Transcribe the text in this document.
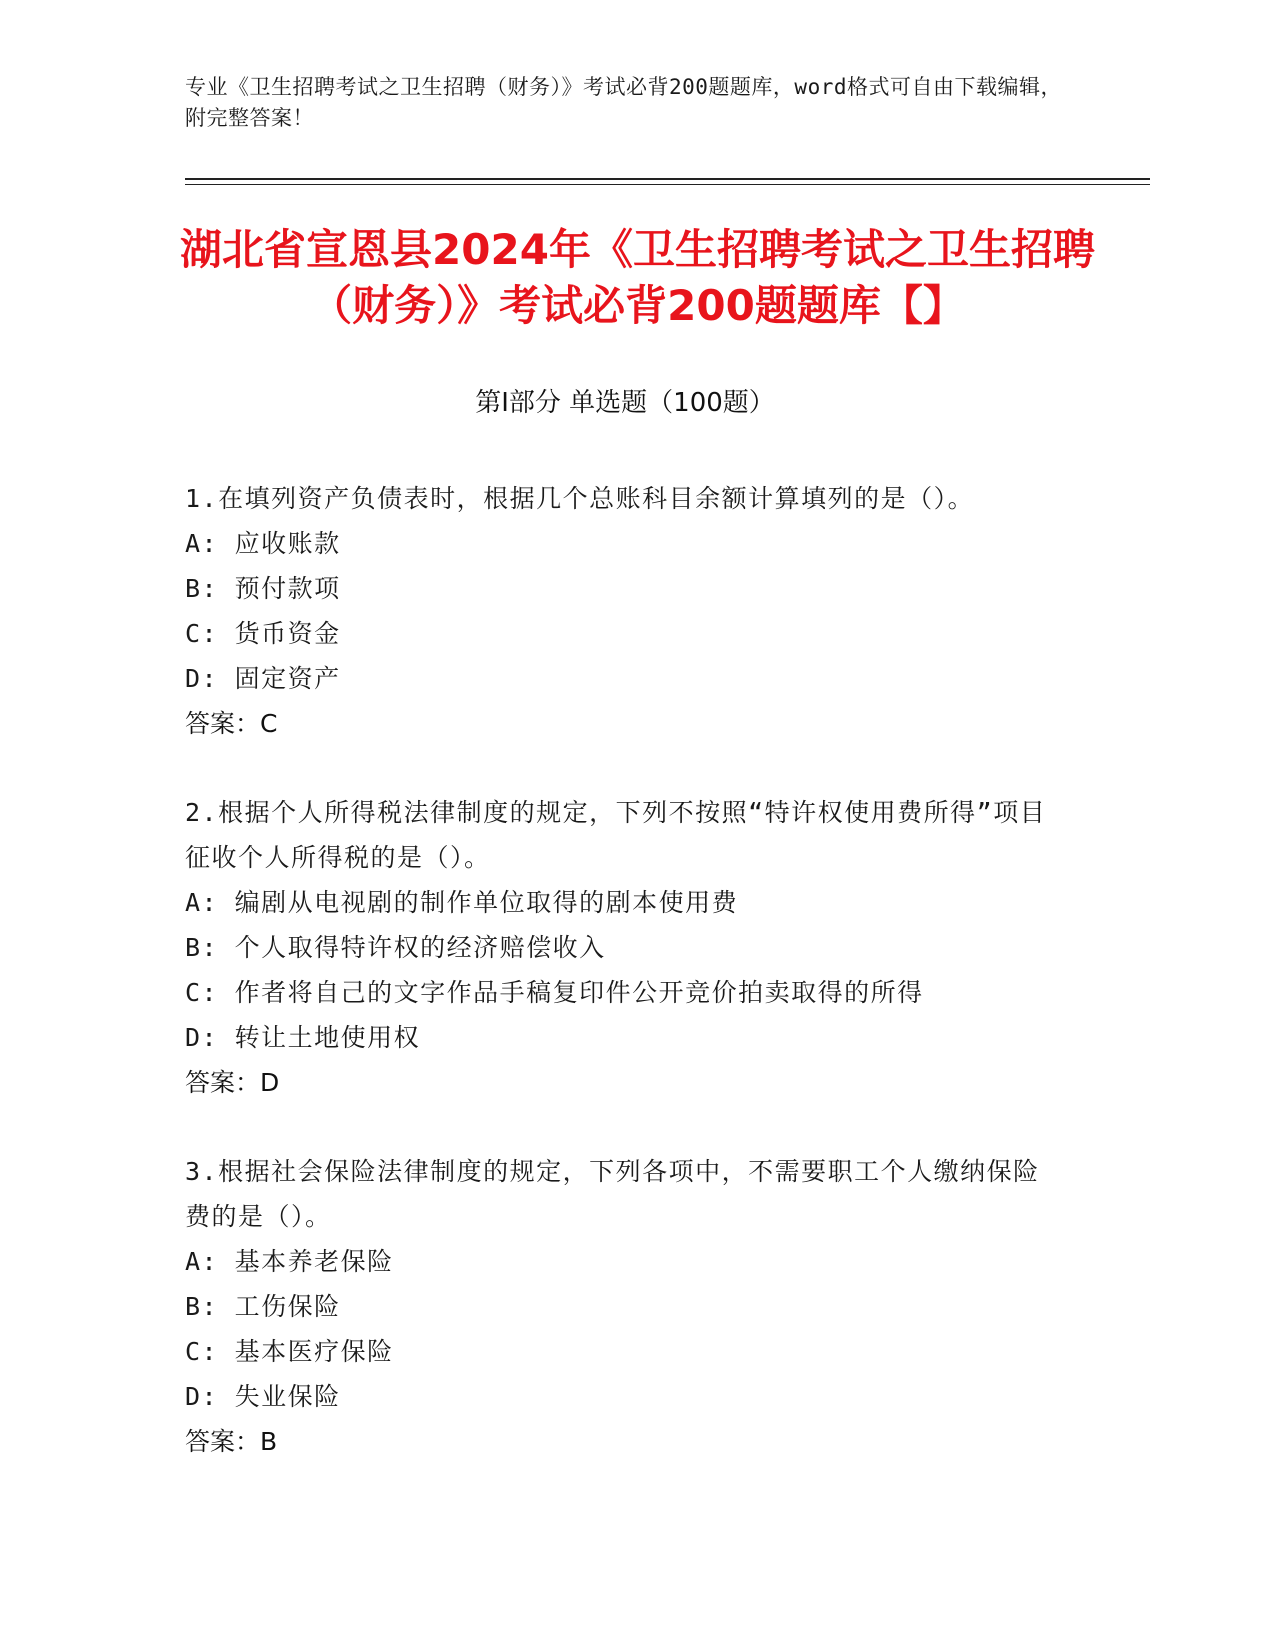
专业《卫生招聘考试之卫生招聘（财务）》考试必背200题题库，word格式可自由下载编辑，附完整答案！
湖北省宣恩县2024年《卫生招聘考试之卫生招聘（财务）》考试必背200题题库【】
第Ⅰ部分 单选题（100题）
1.在填列资产负债表时，根据几个总账科目余额计算填列的是（）。
A: 应收账款
B: 预付款项
C: 货币资金
D: 固定资产
答案：C
2.根据个人所得税法律制度的规定，下列不按照“特许权使用费所得”项目征收个人所得税的是（）。
A: 编剧从电视剧的制作单位取得的剧本使用费
B: 个人取得特许权的经济赔偿收入
C: 作者将自己的文字作品手稿复印件公开竞价拍卖取得的所得
D: 转让土地使用权
答案：D
3.根据社会保险法律制度的规定，下列各项中，不需要职工个人缴纳保险费的是（）。
A: 基本养老保险
B: 工伤保险
C: 基本医疗保险
D: 失业保险
答案：B
